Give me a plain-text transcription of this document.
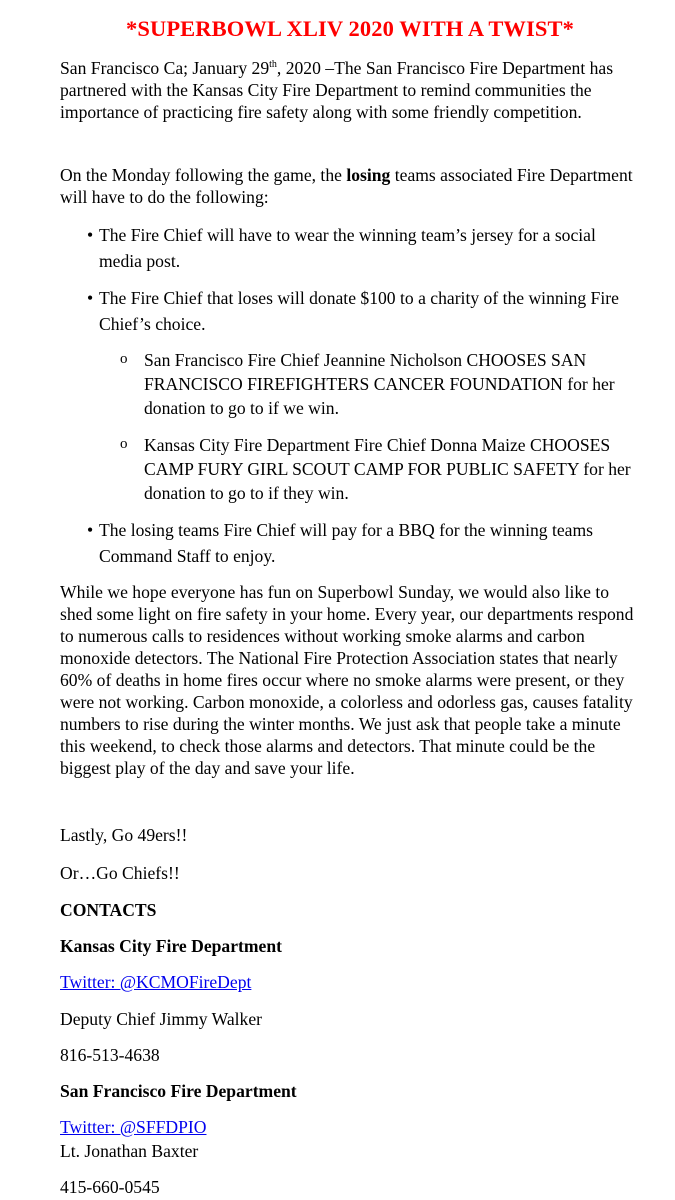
*SUPERBOWL XLIV 2020 WITH A TWIST*

San Francisco Ca; January 29th, 2020 –The San Francisco Fire Department has partnered with the Kansas City Fire Department to remind communities the importance of practicing fire safety along with some friendly competition.

On the Monday following the game, the losing teams associated Fire Department will have to do the following:

• The Fire Chief will have to wear the winning team’s jersey for a social media post.
• The Fire Chief that loses will donate $100 to a charity of the winning Fire Chief’s choice.
o San Francisco Fire Chief Jeannine Nicholson CHOOSES SAN FRANCISCO FIREFIGHTERS CANCER FOUNDATION for her donation to go to if we win.
o Kansas City Fire Department Fire Chief Donna Maize CHOOSES CAMP FURY GIRL SCOUT CAMP FOR PUBLIC SAFETY for her donation to go to if they win.
• The losing teams Fire Chief will pay for a BBQ for the winning teams Command Staff to enjoy.

While we hope everyone has fun on Superbowl Sunday, we would also like to shed some light on fire safety in your home. Every year, our departments respond to numerous calls to residences without working smoke alarms and carbon monoxide detectors. The National Fire Protection Association states that nearly 60% of deaths in home fires occur where no smoke alarms were present, or they were not working. Carbon monoxide, a colorless and odorless gas, causes fatality numbers to rise during the winter months. We just ask that people take a minute this weekend, to check those alarms and detectors. That minute could be the biggest play of the day and save your life.

Lastly, Go 49ers!!
Or…Go Chiefs!!
CONTACTS
Kansas City Fire Department
Twitter: @KCMOFireDept
Deputy Chief Jimmy Walker
816-513-4638
San Francisco Fire Department
Twitter: @SFFDPIO
Lt. Jonathan Baxter
415-660-0545
